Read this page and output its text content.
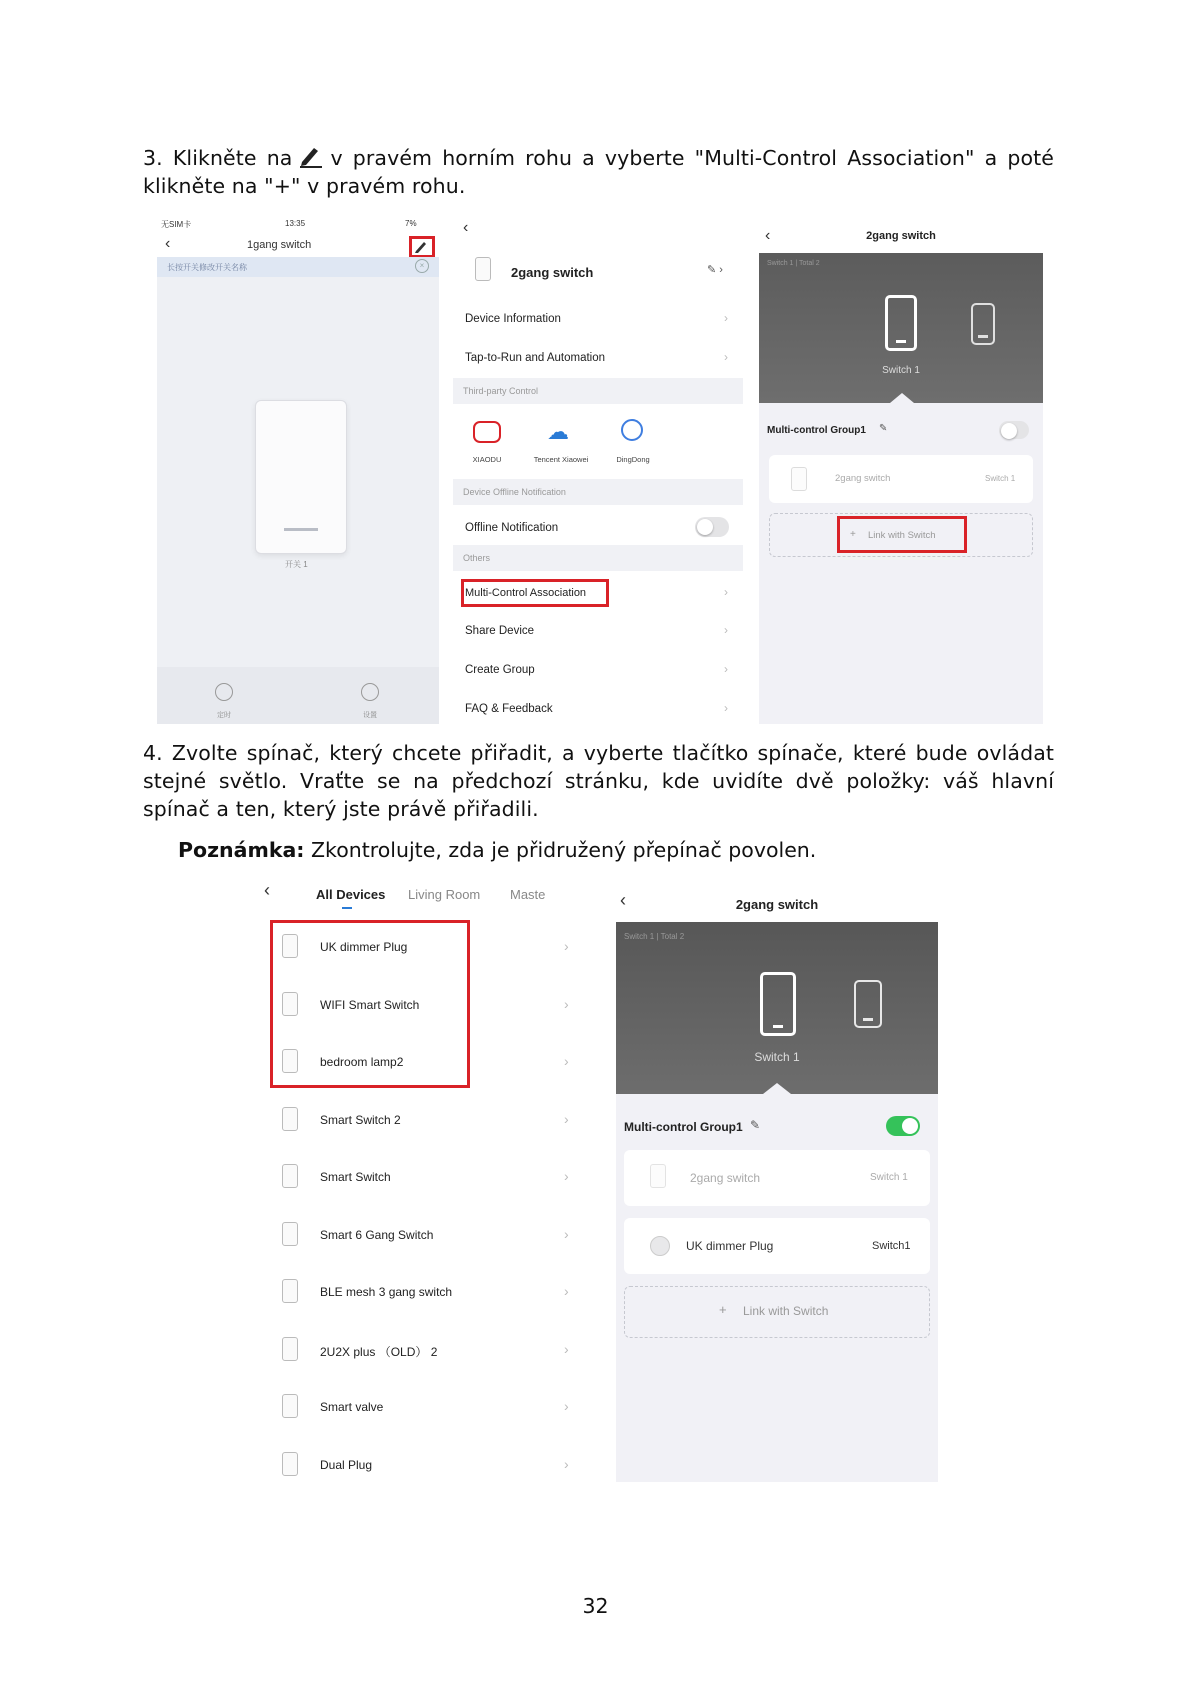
3. Klikněte na v pravém horním rohu a vyberte "Multi-Control Association" a poté klikněte na "+" v pravém rohu.
无SIM卡	13:35	7%
‹	1gang switch
长按开关修改开关名称	×
开关 1
定时	设置
‹
2gang switch	✎ ›
Device Information	›
Tap-to-Run and Automation	›
Third-party Control
XIAODU
☁
Tencent Xiaowei	DingDong
Device Offline Notification
Offline Notification
Others
Multi-Control Association	›
Share Device	›
Create Group	›
FAQ & Feedback	›
‹	2gang switch
Switch 1 | Total 2
Switch 1
Multi-control Group1 ✎
2gang switch	Switch 1
+ Link with Switch
4. Zvolte spínač, který chcete přiřadit, a vyberte tlačítko spínače, které bude ovládat stejné světlo. Vraťte se na předchozí stránku, kde uvidíte dvě položky: váš hlavní spínač a ten, který jste právě přiřadili.
Poznámka: Zkontrolujte, zda je přidružený přepínač povolen.
‹	All Devices Living Room Maste
UK dimmer Plug	›
WIFI Smart Switch	›
bedroom lamp2	›
Smart Switch 2	›
Smart Switch	›
Smart 6 Gang Switch	›
BLE mesh 3 gang switch	›
2U2X plus （OLD） 2	›
Smart valve	›
Dual Plug	›
‹	2gang switch
Switch 1 | Total 2
Switch 1
Multi-control Group1 ✎
2gang switch	Switch 1
UK dimmer Plug	Switch1
+ Link with Switch
32
